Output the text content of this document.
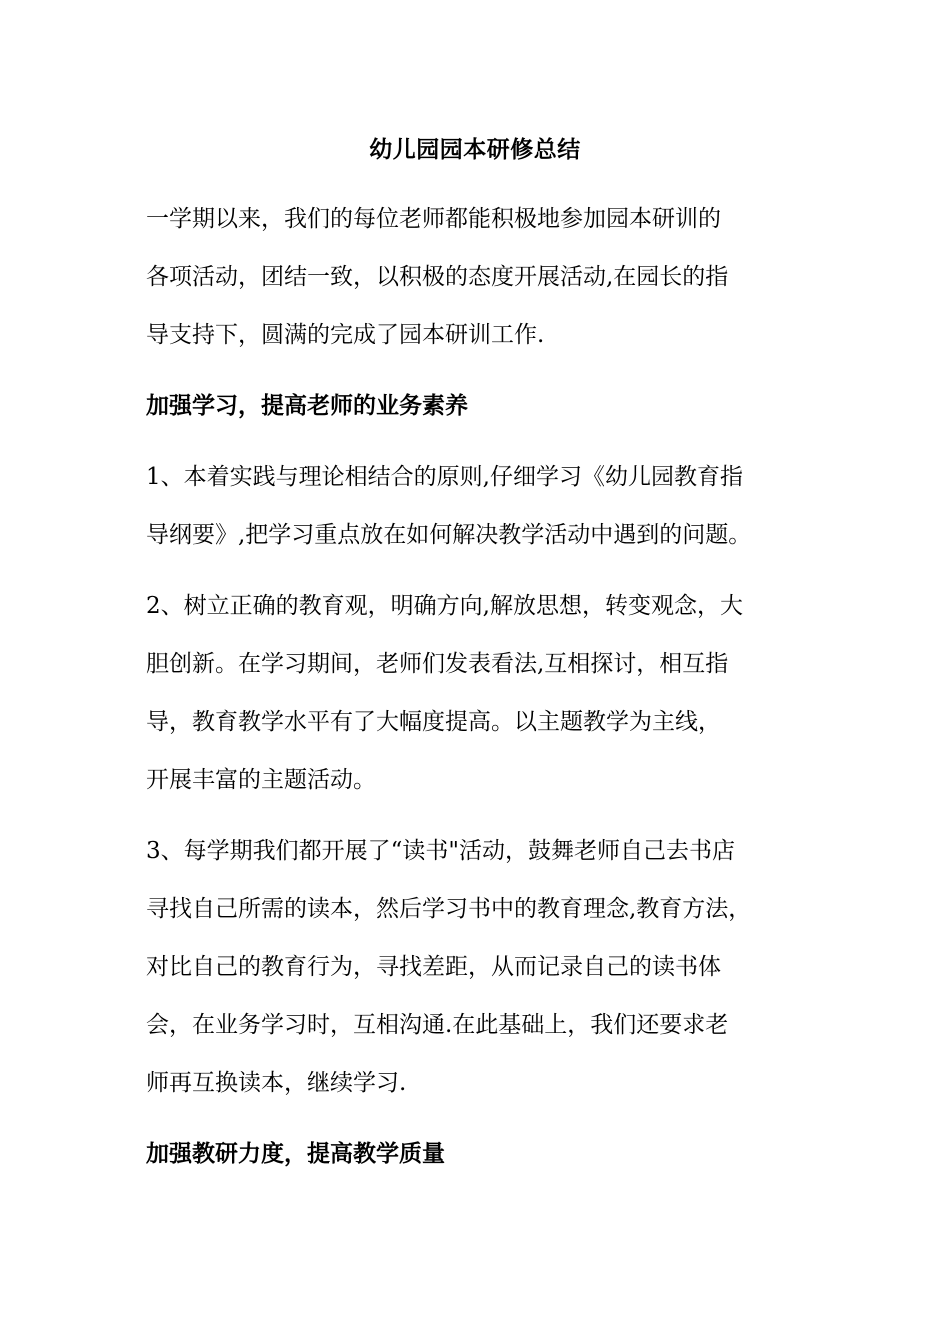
幼儿园园本研修总结

一学期以来，我们的每位老师都能积极地参加园本研训的
各项活动，团结一致，以积极的态度开展活动,在园长的指
导支持下，圆满的完成了园本研训工作.

加强学习，提高老师的业务素养

1、本着实践与理论相结合的原则,仔细学习《幼儿园教育指
导纲要》,把学习重点放在如何解决教学活动中遇到的问题。

2、树立正确的教育观，明确方向,解放思想，转变观念，大
胆创新。在学习期间，老师们发表看法,互相探讨，相互指
导，教育教学水平有了大幅度提高。以主题教学为主线，
开展丰富的主题活动。

3、每学期我们都开展了“读书"活动，鼓舞老师自己去书店
寻找自己所需的读本，然后学习书中的教育理念,教育方法，
对比自己的教育行为，寻找差距，从而记录自己的读书体
会，在业务学习时，互相沟通.在此基础上，我们还要求老
师再互换读本，继续学习.

加强教研力度，提高教学质量
